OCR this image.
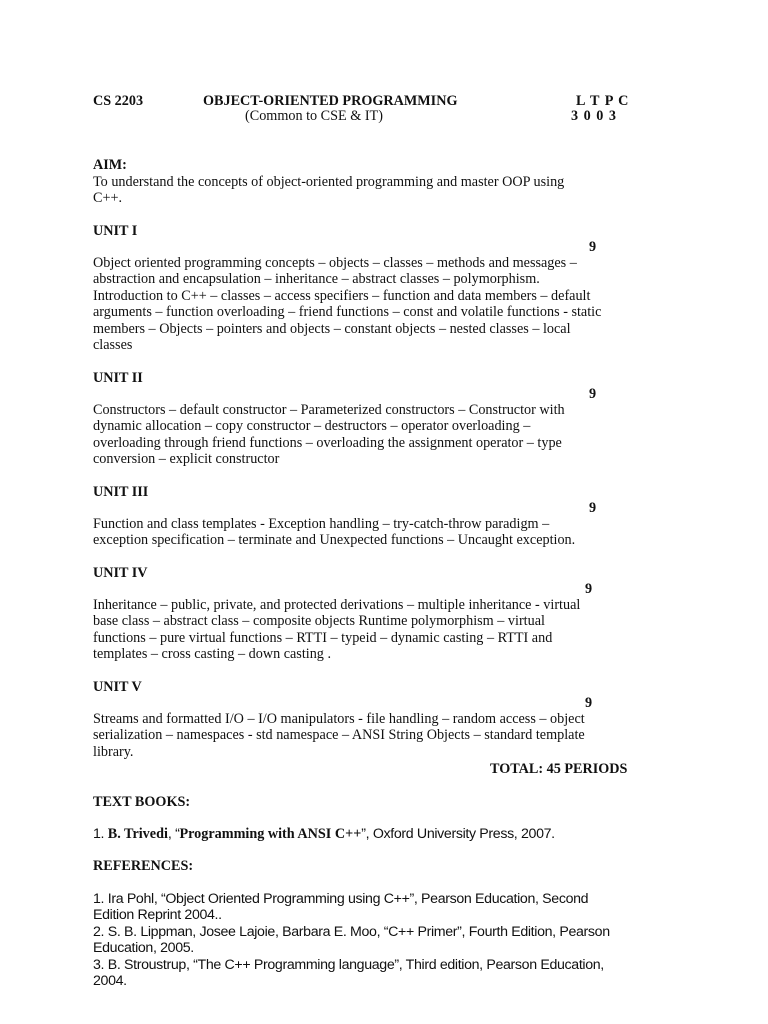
CS 2203	OBJECT-ORIENTED PROGRAMMING	L T P C
(Common to CSE & IT)	3 0 0 3
AIM:
To understand the concepts of object-oriented programming and master OOP using
C++.
UNIT I
9
Object oriented programming concepts – objects – classes – methods and messages –
abstraction and encapsulation – inheritance – abstract classes – polymorphism.
Introduction to C++ – classes – access specifiers – function and data members – default
arguments – function overloading – friend functions – const and volatile functions - static
members – Objects – pointers and objects – constant objects – nested classes – local
classes
UNIT II
9
Constructors – default constructor – Parameterized constructors – Constructor with
dynamic allocation – copy constructor – destructors – operator overloading –
overloading through friend functions – overloading the assignment operator – type
conversion – explicit constructor
UNIT III
9
Function and class templates - Exception handling – try-catch-throw paradigm –
exception specification – terminate and Unexpected functions – Uncaught exception.
UNIT IV
9
Inheritance – public, private, and protected derivations – multiple inheritance - virtual
base class – abstract class – composite objects Runtime polymorphism – virtual
functions – pure virtual functions – RTTI – typeid – dynamic casting – RTTI and
templates – cross casting – down casting .
UNIT V
9
Streams and formatted I/O – I/O manipulators - file handling – random access – object
serialization – namespaces - std namespace – ANSI String Objects – standard template
library.
TOTAL: 45 PERIODS
TEXT BOOKS:
1. B. Trivedi, “Programming with ANSI C++”, Oxford University Press, 2007.
REFERENCES:
1. Ira Pohl, “Object Oriented Programming using C++”, Pearson Education, Second
Edition Reprint 2004..
2. S. B. Lippman, Josee Lajoie, Barbara E. Moo, “C++ Primer”, Fourth Edition, Pearson
Education, 2005.
3. B. Stroustrup, “The C++ Programming language”, Third edition, Pearson Education,
2004.
